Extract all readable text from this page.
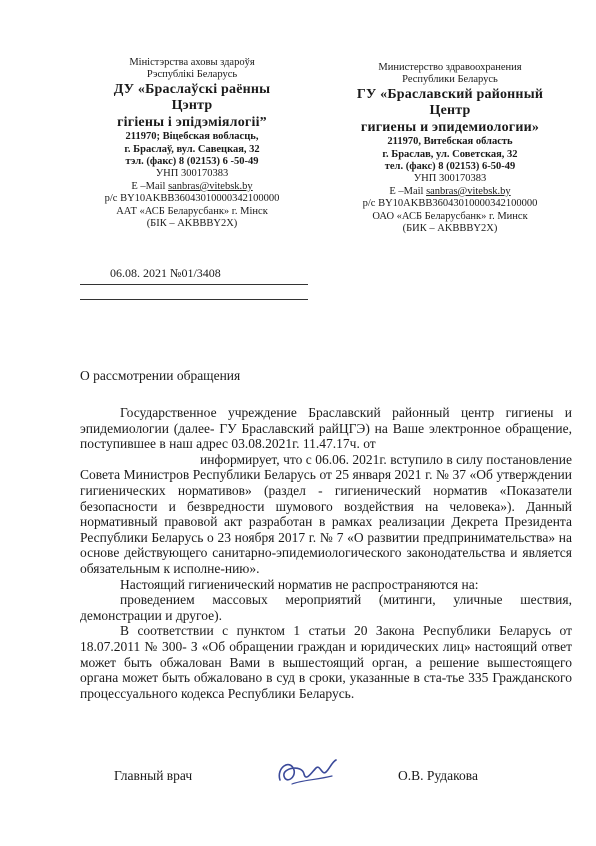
Міністэрства аховы здароўя
Рэспублікі Беларусь
ДУ «Браслаўскі раённы
Цэнтр
гігіены і эпідэміялогіі”
211970; Віцебская вобласць,
г. Браслаў, вул. Савецкая, 32
тэл. (факс) 8 (02153) 6 -50-49
УНП 300170383
E –Mail sanbras@vitebsk.by
р/с BY10AKBB36043010000342100000
ААТ «АСБ Беларусбанк» г. Мінск
(БІК – AKBBBY2X)
Министерство здравоохранения
Республики Беларусь
ГУ «Браславский районный
Центр
гигиены и эпидемиологии»
211970, Витебская область
г. Браслав, ул. Советская, 32
тел. (факс) 8 (02153) 6-50-49
УНП 300170383
E –Mail sanbras@vitebsk.by
р/с BY10AKBB36043010000342100000
ОАО «АСБ Беларусбанк» г. Минск
(БИК – AKBBBY2X)
06.08. 2021 №01/3408
О рассмотрении обращения

Государственное учреждение Браславский районный центр гигиены и эпидемиологии (далее- ГУ Браславский райЦГЭ) на Ваше электронное обращение, поступившее в наш адрес 03.08.2021г. 11.47.17ч. от

информирует, что с 06.06. 2021г. вступило в силу постановление Совета Министров Республики Беларусь от 25 января 2021 г. № 37 «Об утверждении гигиенических нормативов» (раздел - гигиенический норматив «Показатели безопасности и безвредности шумового воздействия на человека»). Данный нормативный правовой акт разработан в рамках реализации Декрета Президента Республики Беларусь о 23 ноября 2017 г. № 7 «О развитии предпринимательства» на основе действующего санитарно-эпидемиологического законодательства и является обязательным к исполне-нию».

Настоящий гигиенический норматив не распространяются на:

проведением массовых мероприятий (митинги, уличные шествия, демонстрации и другое).

В соответствии с пунктом 1 статьи 20 Закона Республики Беларусь от 18.07.2011 № 300- З «Об обращении граждан и юридических лиц» настоящий ответ может быть обжалован Вами в вышестоящий орган, а решение вышестоящего органа может быть обжаловано в суд в сроки, указанные в ста-тье 335 Гражданского процессуального кодекса Республики Беларусь.

Главный врач	О.В. Рудакова
